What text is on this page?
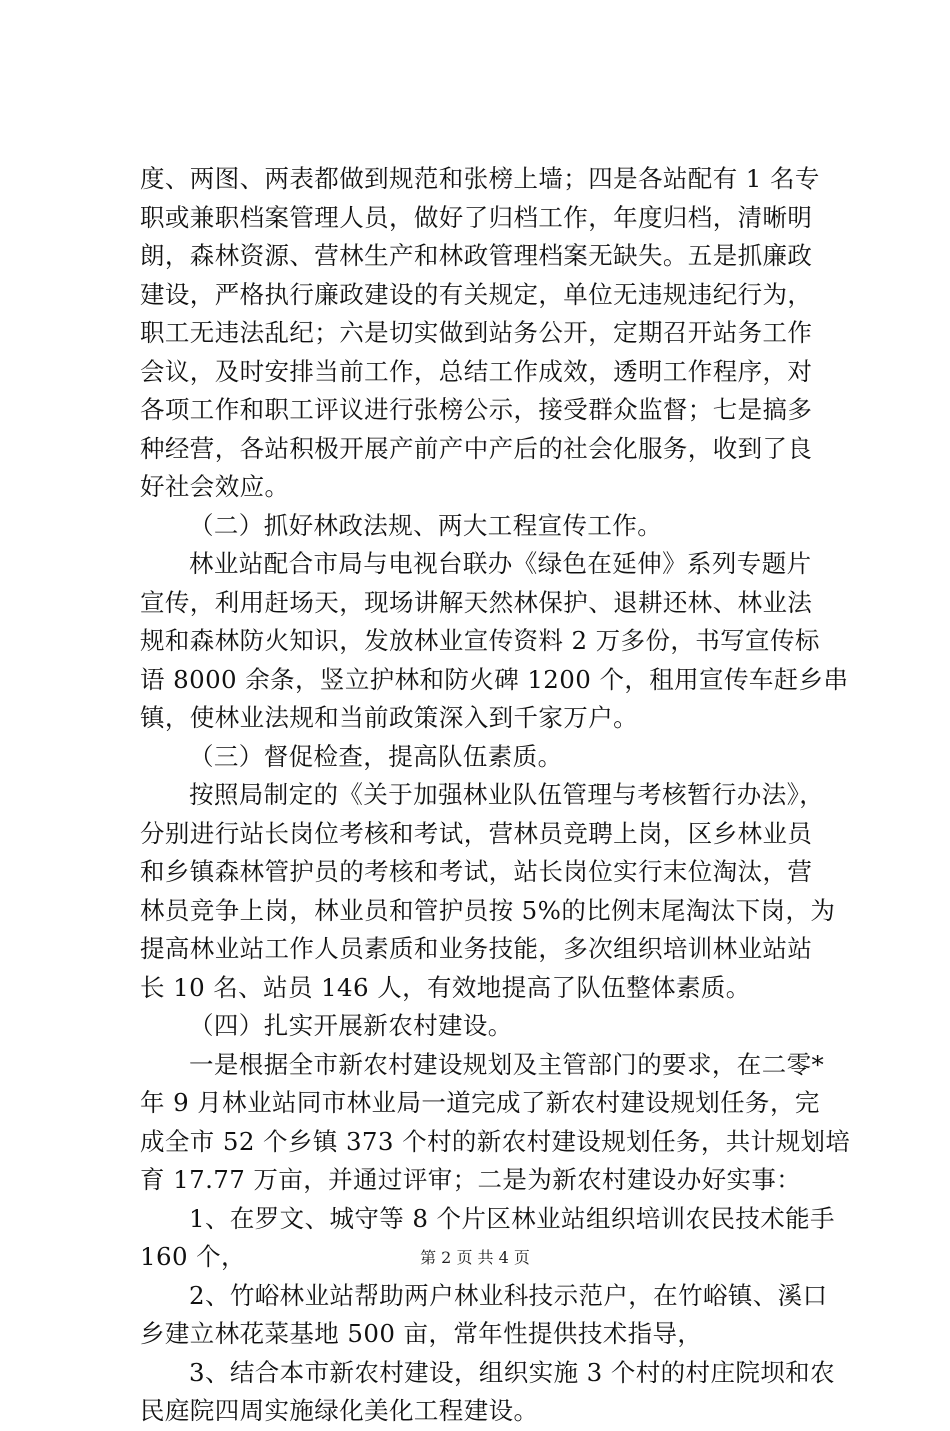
度、两图、两表都做到规范和张榜上墙；四是各站配有 1 名专
职或兼职档案管理人员，做好了归档工作，年度归档，清晰明
朗，森林资源、营林生产和林政管理档案无缺失。五是抓廉政
建设，严格执行廉政建设的有关规定，单位无违规违纪行为，
职工无违法乱纪；六是切实做到站务公开，定期召开站务工作
会议，及时安排当前工作，总结工作成效，透明工作程序，对
各项工作和职工评议进行张榜公示，接受群众监督；七是搞多
种经营，各站积极开展产前产中产后的社会化服务，收到了良
好社会效应。
（二）抓好林政法规、两大工程宣传工作。
林业站配合市局与电视台联办《绿色在延伸》系列专题片
宣传，利用赶场天，现场讲解天然林保护、退耕还林、林业法
规和森林防火知识，发放林业宣传资料 2 万多份，书写宣传标
语 8000 余条，竖立护林和防火碑 1200 个，租用宣传车赶乡串
镇，使林业法规和当前政策深入到千家万户。
（三）督促检查，提高队伍素质。
按照局制定的《关于加强林业队伍管理与考核暂行办法》，
分别进行站长岗位考核和考试，营林员竞聘上岗，区乡林业员
和乡镇森林管护员的考核和考试，站长岗位实行末位淘汰，营
林员竞争上岗，林业员和管护员按 5%的比例末尾淘汰下岗，为
提高林业站工作人员素质和业务技能，多次组织培训林业站站
长 10 名、站员 146 人，有效地提高了队伍整体素质。
（四）扎实开展新农村建设。
一是根据全市新农村建设规划及主管部门的要求，在二零*
年 9 月林业站同市林业局一道完成了新农村建设规划任务，完
成全市 52 个乡镇 373 个村的新农村建设规划任务，共计规划培
育 17.77 万亩，并通过评审；二是为新农村建设办好实事：
1、在罗文、城守等 8 个片区林业站组织培训农民技术能手
160 个，
2、竹峪林业站帮助两户林业科技示范户，在竹峪镇、溪口
乡建立林花菜基地 500 亩，常年性提供技术指导，
3、结合本市新农村建设，组织实施 3 个村的村庄院坝和农
民庭院四周实施绿化美化工程建设。
第 2 页 共 4 页
